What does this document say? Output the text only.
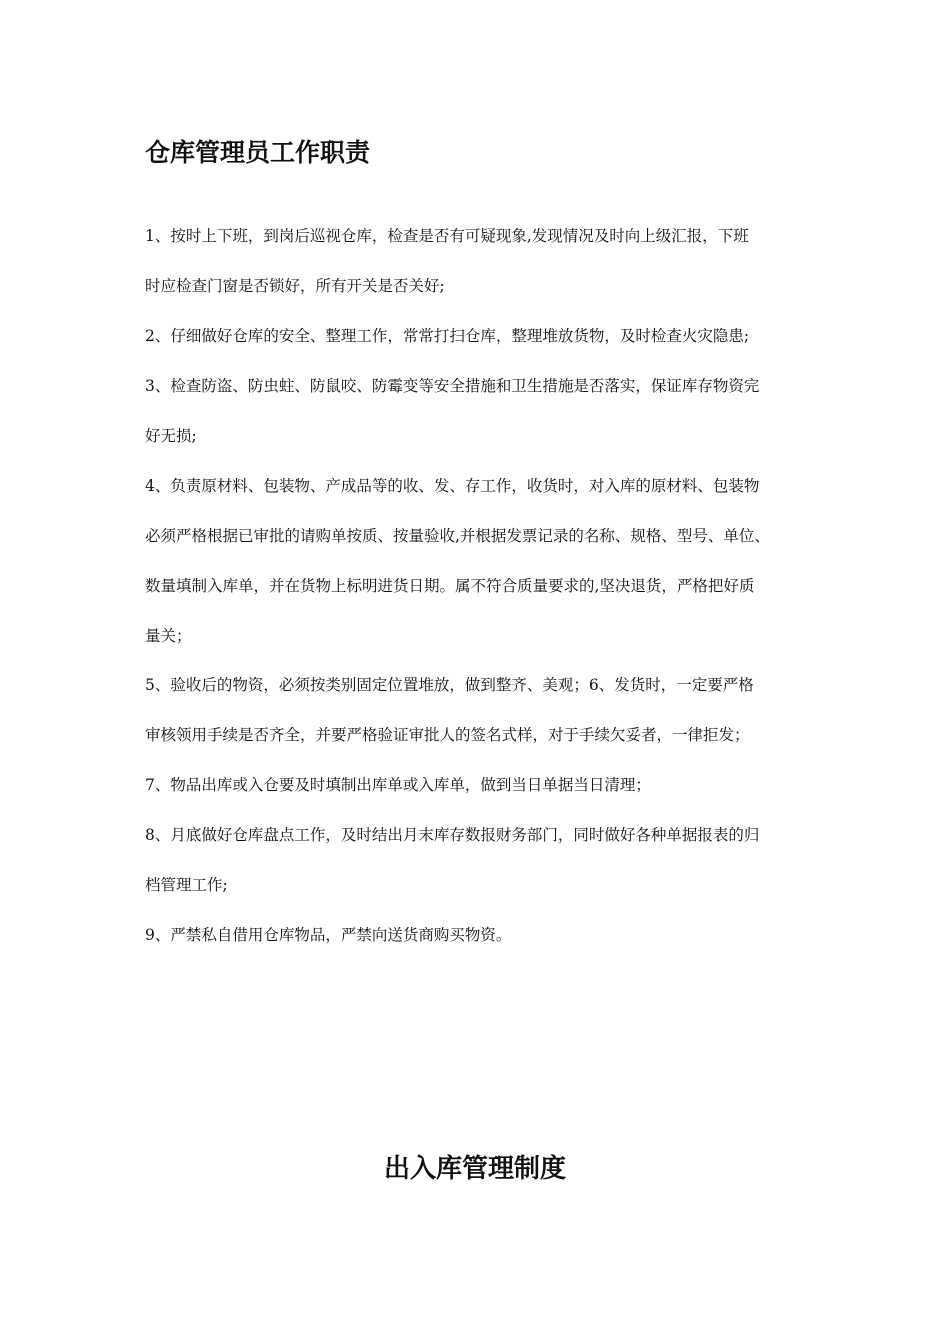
仓库管理员工作职责
1、按时上下班，到岗后巡视仓库，检查是否有可疑现象,发现情况及时向上级汇报，下班
时应检查门窗是否锁好，所有开关是否关好;
2、仔细做好仓库的安全、整理工作，常常打扫仓库，整理堆放货物，及时检查火灾隐患;
3、检查防盗、防虫蛀、防鼠咬、防霉变等安全措施和卫生措施是否落实，保证库存物资完
好无损;
4、负责原材料、包装物、产成品等的收、发、存工作，收货时，对入库的原材料、包装物
必须严格根据已审批的请购单按质、按量验收,并根据发票记录的名称、规格、型号、单位、
数量填制入库单，并在货物上标明进货日期。属不符合质量要求的,坚决退货，严格把好质
量关；
5、验收后的物资，必须按类别固定位置堆放，做到整齐、美观；6、发货时，一定要严格
审核领用手续是否齐全，并要严格验证审批人的签名式样，对于手续欠妥者，一律拒发；
7、物品出库或入仓要及时填制出库单或入库单，做到当日单据当日清理；
8、月底做好仓库盘点工作，及时结出月末库存数报财务部门，同时做好各种单据报表的归
档管理工作;
9、严禁私自借用仓库物品，严禁向送货商购买物资。
出入库管理制度
